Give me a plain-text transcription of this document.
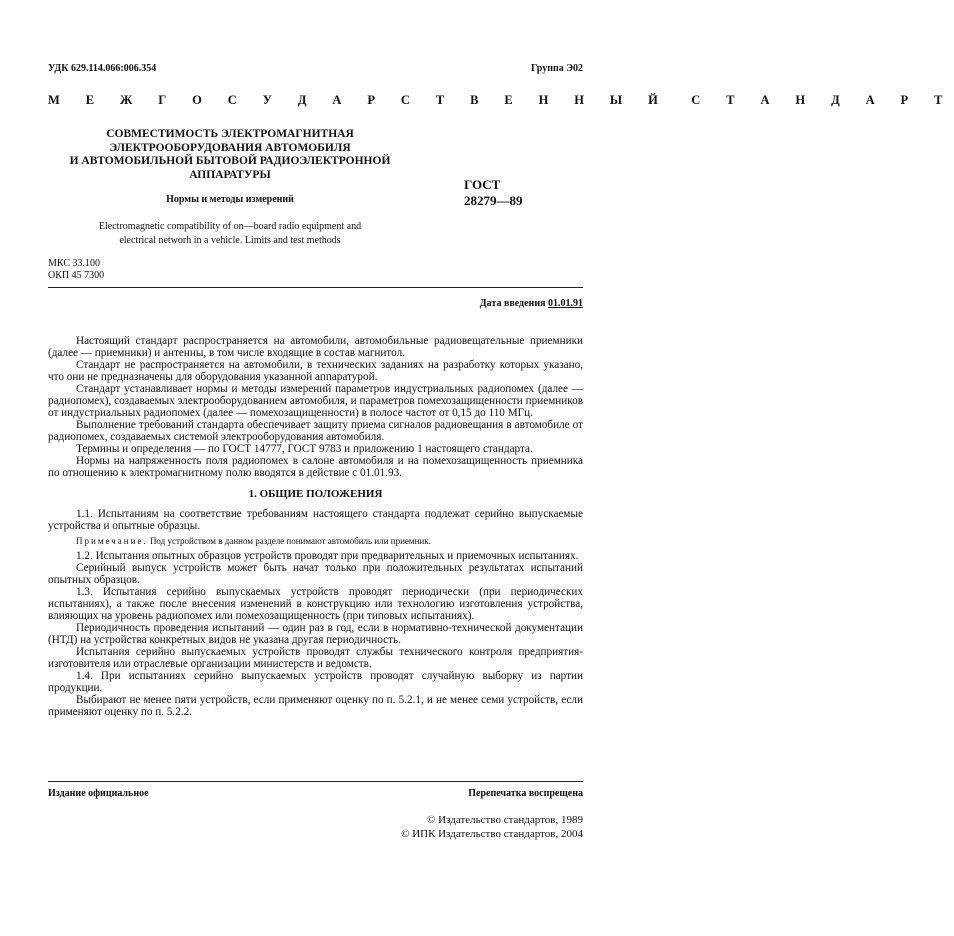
УДК 629.114.066:006.354	Группа Э02
М Е Ж Г О С У Д А Р С Т В Е Н Н Ы Й С Т А Н Д А Р Т
СОВМЕСТИМОСТЬ ЭЛЕКТРОМАГНИТНАЯ
ЭЛЕКТРООБОРУДОВАНИЯ АВТОМОБИЛЯ
И АВТОМОБИЛЬНОЙ БЫТОВОЙ РАДИОЭЛЕКТРОННОЙ
АППАРАТУРЫ
Нормы и методы измерений
ГОСТ
28279—89
Electromagnetic compatibility of on—board radio equipment and
electrical networh in a vehicle. Limits and test methods
МКС 33.100
ОКП 45 7300
Дата введения 01.01.91

Настоящий стандарт распространяется на автомобили, автомобильные радиовещательные приемники (далее — приемники) и антенны, в том числе входящие в состав магнитол.

Стандарт не распространяется на автомобили, в технических заданиях на разработку которых указано, что они не предназначены для оборудования указанной аппаратурой.

Стандарт устанавливает нормы и методы измерений параметров индустриальных радиопомех (далее — радиопомех), создаваемых электрооборудованием автомобиля, и параметров помехозащищенности приемников от индустриальных радиопомех (далее — помехозащищенности) в полосе частот от 0,15 до 110 МГц.

Выполнение требований стандарта обеспечивает защиту приема сигналов радиовещания в автомобиле от радиопомех, создаваемых системой электрооборудования автомобиля.

Термины и определения — по ГОСТ 14777, ГОСТ 9783 и приложению 1 настоящего стандарта.

Нормы на напряженность поля радиопомех в салоне автомобиля и на помехозащищенность приемника по отношению к электромагнитному полю вводятся в действие с 01.01.93.

1. ОБЩИЕ ПОЛОЖЕНИЯ

1.1. Испытаниям на соответствие требованиям настоящего стандарта подлежат серийно выпускаемые устройства и опытные образцы.

Примечание. Под устройством в данном разделе понимают автомобиль или приемник.

1.2. Испытания опытных образцов устройств проводят при предварительных и приемочных испытаниях.

Серийный выпуск устройств может быть начат только при положительных результатах испытаний опытных образцов.

1.3. Испытания серийно выпускаемых устройств проводят периодически (при периодических испытаниях), а также после внесения изменений в конструкцию или технологию изготовления устройства, влияющих на уровень радиопомех или помехозащищенность (при типовых испытаниях).

Периодичность проведения испытаний — один раз в год, если в нормативно-технической документации (НТД) на устройства конкретных видов не указана другая периодичность.

Испытания серийно выпускаемых устройств проводят службы технического контроля предприятия-изготовителя или отраслевые организации министерств и ведомств.

1.4. При испытаниях серийно выпускаемых устройств проводят случайную выборку из партии продукции.

Выбирают не менее пяти устройств, если применяют оценку по п. 5.2.1, и не менее семи устройств, если применяют оценку по п. 5.2.2.

Издание официальное	Перепечатка воспрещена
© Издательство стандартов, 1989
© ИПК Издательство стандартов, 2004
